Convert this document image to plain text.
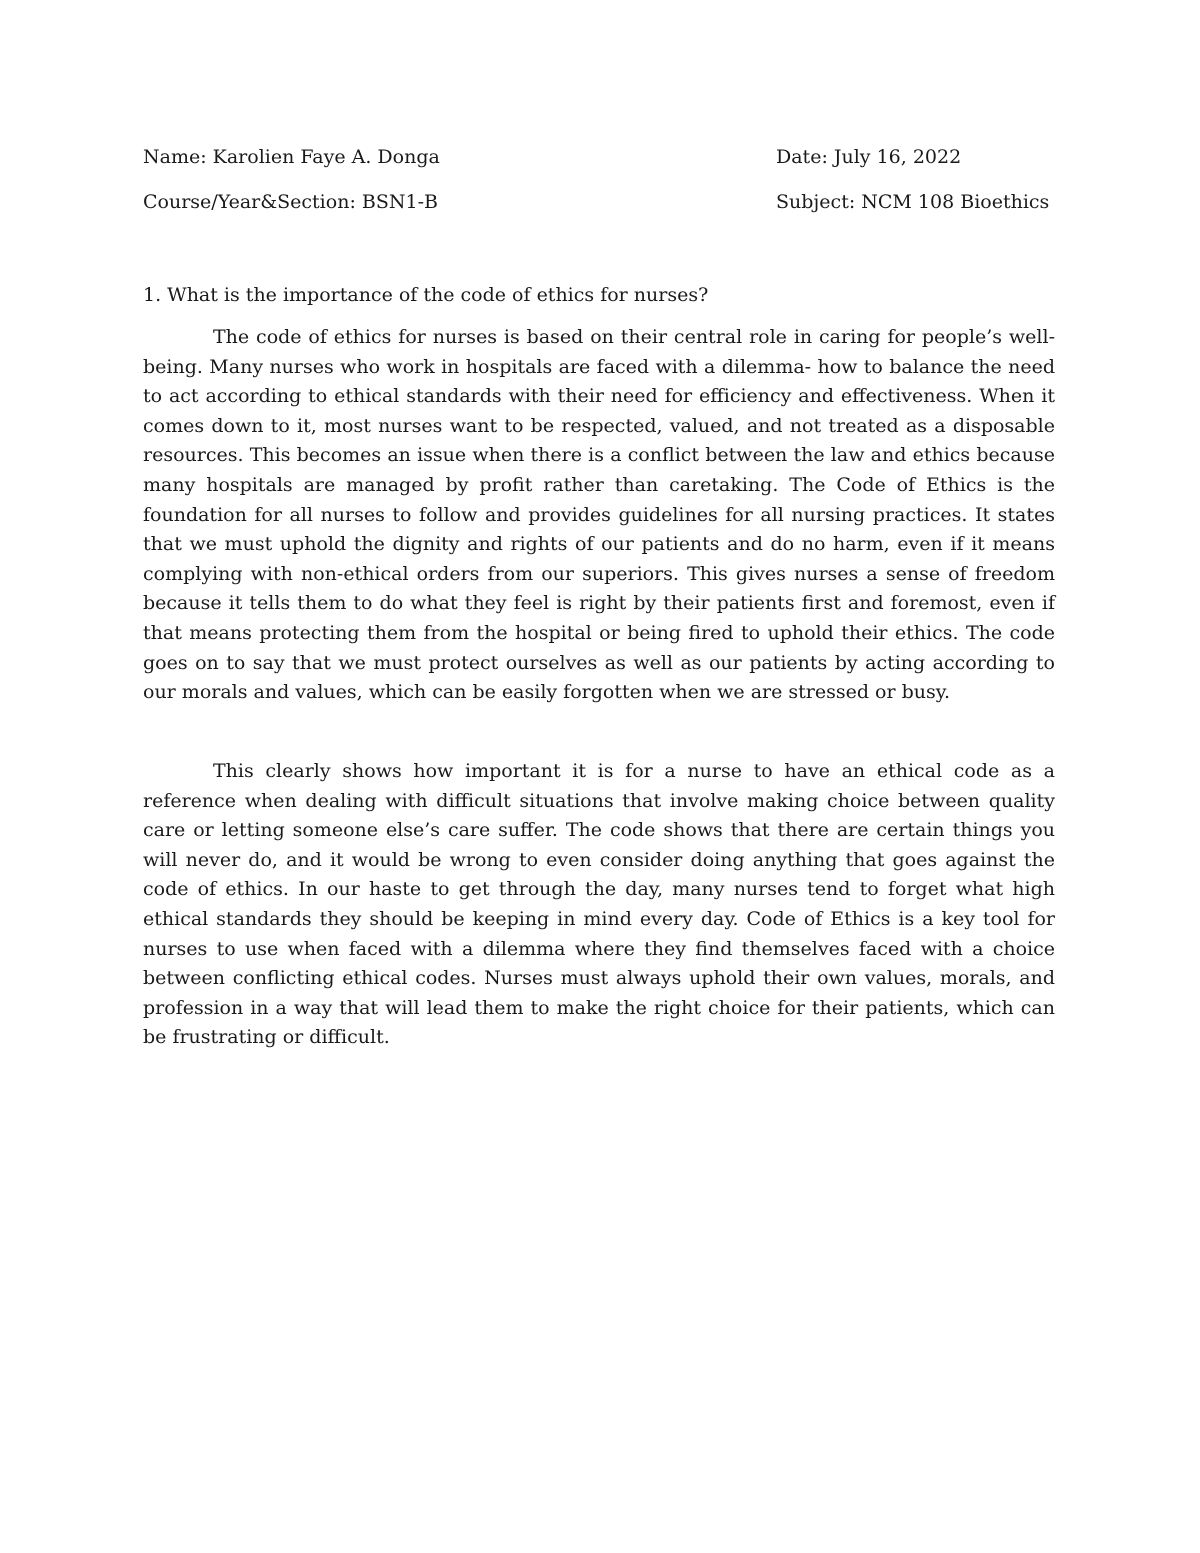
Name: Karolien Faye A. Donga	Date: July 16, 2022
Course/Year&Section: BSN1-B	Subject: NCM 108 Bioethics
1. What is the importance of the code of ethics for nurses?

The code of ethics for nurses is based on their central role in caring for people’s well-being. Many nurses who work in hospitals are faced with a dilemma- how to balance the need to act according to ethical standards with their need for efficiency and effectiveness. When it comes down to it, most nurses want to be respected, valued, and not treated as a disposable resources. This becomes an issue when there is a conflict between the law and ethics because many hospitals are managed by profit rather than caretaking. The Code of Ethics is the foundation for all nurses to follow and provides guidelines for all nursing practices. It states that we must uphold the dignity and rights of our patients and do no harm, even if it means complying with non-ethical orders from our superiors. This gives nurses a sense of freedom because it tells them to do what they feel is right by their patients first and foremost, even if that means protecting them from the hospital or being fired to uphold their ethics. The code goes on to say that we must protect ourselves as well as our patients by acting according to our morals and values, which can be easily forgotten when we are stressed or busy.

This clearly shows how important it is for a nurse to have an ethical code as a reference when dealing with difficult situations that involve making choice between quality care or letting someone else’s care suffer. The code shows that there are certain things you will never do, and it would be wrong to even consider doing anything that goes against the code of ethics. In our haste to get through the day, many nurses tend to forget what high ethical standards they should be keeping in mind every day. Code of Ethics is a key tool for nurses to use when faced with a dilemma where they find themselves faced with a choice between conflicting ethical codes. Nurses must always uphold their own values, morals, and profession in a way that will lead them to make the right choice for their patients, which can be frustrating or difficult.
